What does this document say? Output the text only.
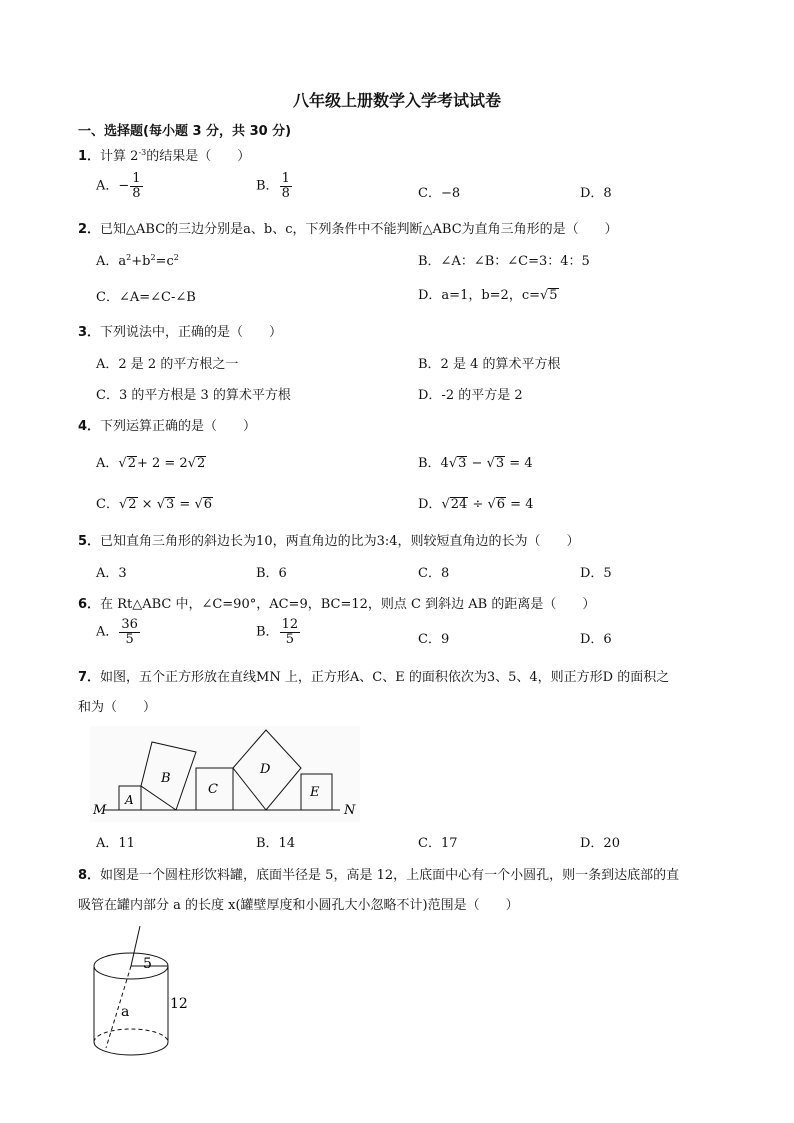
八年级上册数学入学考试试卷
一、选择题(每小题 3 分，共 30 分)
1．计算 $2^{-3}$的结果是（　　）
A．− $\frac{1}{8}$	B． $\frac{1}{8}$	C．−8	D．8
2．已知△ABC的三边分别是a、b、c，下列条件中不能判断△ABC为直角三角形的是（　　）
A．$a^2+b^2=c^2$	B．∠A：∠B：∠C=3：4：5
C．∠A=∠C-∠B	D．a=1，b=2，c=√5
3．下列说法中，正确的是（　　）
A．2 是 2 的平方根之一	B．2 是 4 的算术平方根
C．3 的平方根是 3 的算术平方根	D．-2 的平方是 2
4．下列运算正确的是（　　）
A．√2+ 2 = 2√2	B．4√3 − √3 = 4
C．√2 × √3 = √6	D．√24 ÷ √6 = 4
5．已知直角三角形的斜边长为10，两直角边的比为3:4，则较短直角边的长为（　　）
A．3	B．6	C．8	D．5
6．在 Rt△ABC 中，∠C=90°，AC=9，BC=12，则点 C 到斜边 AB 的距离是（　　）
A． $\frac{36}{5}$	B． $\frac{12}{5}$	C．9	D．6
7．如图，五个正方形放在直线MN 上，正方形A、C、E 的面积依次为3、5、4，则正方形D 的面积之
和为（　　）
M
A
B
C
D
E
N
A．11	B．14	C．17	D．20
8．如图是一个圆柱形饮料罐，底面半径是 5，高是 12，上底面中心有一个小圆孔，则一条到达底部的直
吸管在罐内部分 a 的长度 x(罐壁厚度和小圆孔大小忽略不计)范围是（　　）
5
12
a
